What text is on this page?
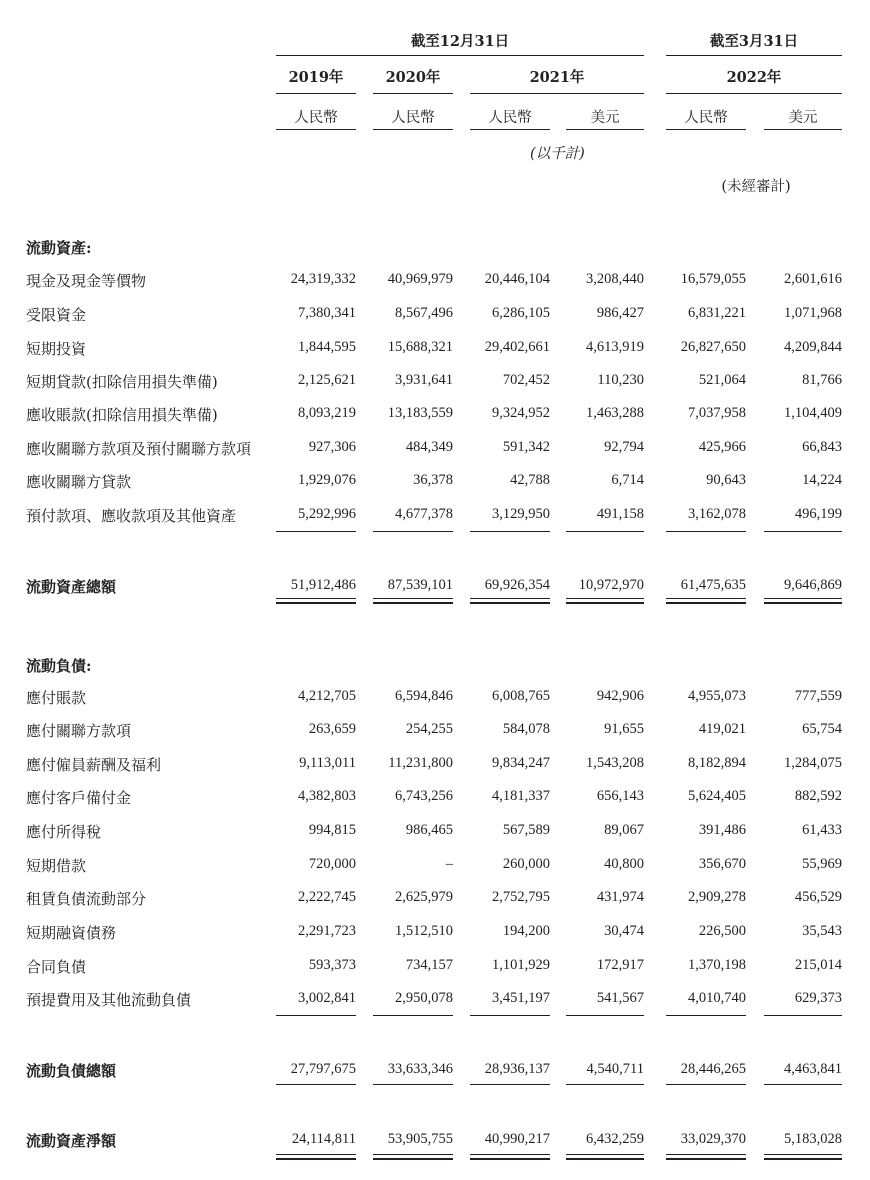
截至12月31日	截至3月31日
2019年	2020年	2021年	2022年
人民幣	人民幣	人民幣	美元	人民幣	美元
(以千計)
(未經審計)
流動資產:
流動負債:
現金及現金等價物	24,319,332	40,969,979	20,446,104	3,208,440	16,579,055	2,601,616
受限資金	7,380,341	8,567,496	6,286,105	986,427	6,831,221	1,071,968
短期投資	1,844,595	15,688,321	29,402,661	4,613,919	26,827,650	4,209,844
短期貸款(扣除信用損失準備)	2,125,621	3,931,641	702,452	110,230	521,064	81,766
應收賬款(扣除信用損失準備)	8,093,219	13,183,559	9,324,952	1,463,288	7,037,958	1,104,409
應收關聯方款項及預付關聯方款項	927,306	484,349	591,342	92,794	425,966	66,843
應收關聯方貸款	1,929,076	36,378	42,788	6,714	90,643	14,224
預付款項、應收款項及其他資產	5,292,996	4,677,378	3,129,950	491,158	3,162,078	496,199
流動資產總額	51,912,486	87,539,101	69,926,354	10,972,970	61,475,635	9,646,869
應付賬款	4,212,705	6,594,846	6,008,765	942,906	4,955,073	777,559
應付關聯方款項	263,659	254,255	584,078	91,655	419,021	65,754
應付僱員薪酬及福利	9,113,011	11,231,800	9,834,247	1,543,208	8,182,894	1,284,075
應付客戶備付金	4,382,803	6,743,256	4,181,337	656,143	5,624,405	882,592
應付所得稅	994,815	986,465	567,589	89,067	391,486	61,433
短期借款	720,000	–	260,000	40,800	356,670	55,969
租賃負債流動部分	2,222,745	2,625,979	2,752,795	431,974	2,909,278	456,529
短期融資債務	2,291,723	1,512,510	194,200	30,474	226,500	35,543
合同負債	593,373	734,157	1,101,929	172,917	1,370,198	215,014
預提費用及其他流動負債	3,002,841	2,950,078	3,451,197	541,567	4,010,740	629,373
流動負債總額	27,797,675	33,633,346	28,936,137	4,540,711	28,446,265	4,463,841
流動資產淨額	24,114,811	53,905,755	40,990,217	6,432,259	33,029,370	5,183,028
